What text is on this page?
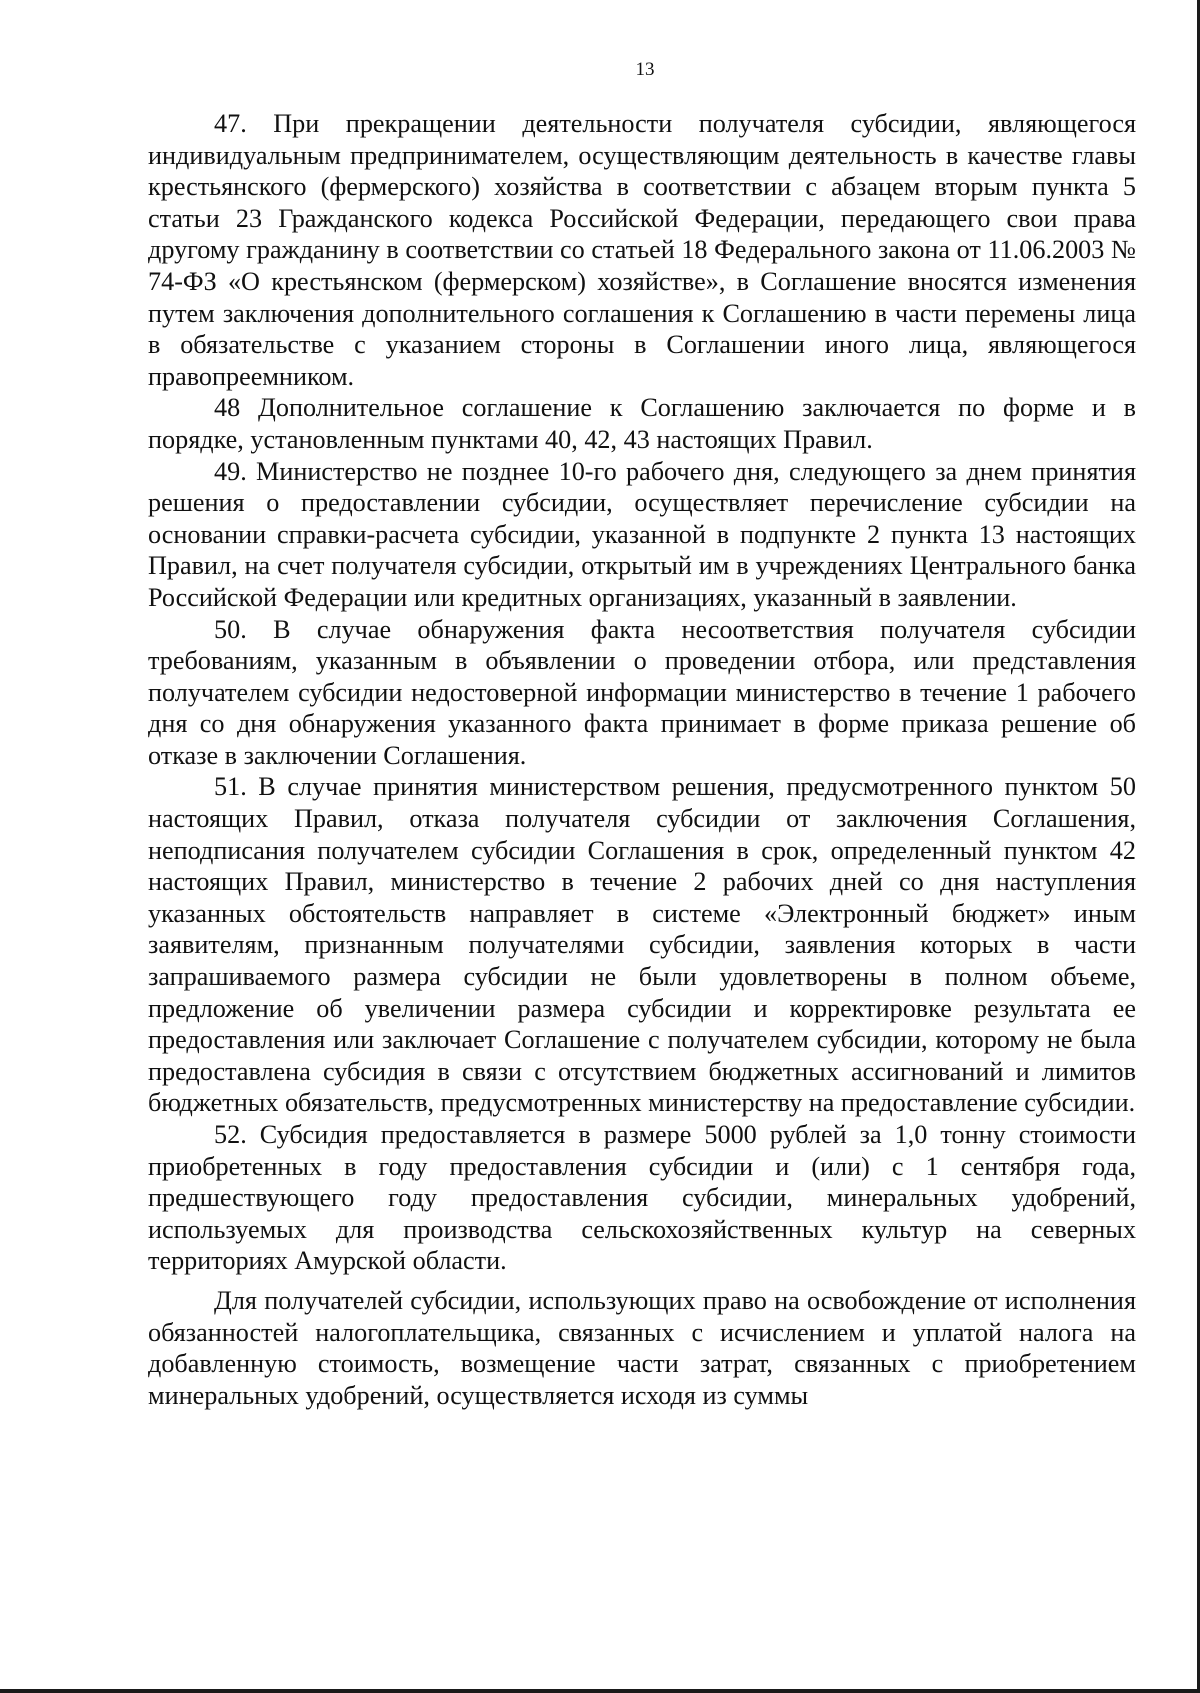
13

47. При прекращении деятельности получателя субсидии, являющегося индивидуальным предпринимателем, осуществляющим деятельность в качестве главы крестьянского (фермерского) хозяйства в соответствии с абзацем вторым пункта 5 статьи 23 Гражданского кодекса Российской Федерации, передающего свои права другому гражданину в соответствии со статьей 18 Федерального закона от 11.06.2003 № 74-ФЗ «О крестьянском (фермерском) хозяйстве», в Соглашение вносятся изменения путем заключения дополнительного соглашения к Соглашению в части перемены лица в обязательстве с указанием стороны в Соглашении иного лица, являющегося правопреемником.

48 Дополнительное соглашение к Соглашению заключается по форме и в порядке, установленным пунктами 40, 42, 43 настоящих Правил.

49. Министерство не позднее 10-го рабочего дня, следующего за днем принятия решения о предоставлении субсидии, осуществляет перечисление субсидии на основании справки-расчета субсидии, указанной в подпункте 2 пункта 13 настоящих Правил, на счет получателя субсидии, открытый им в учреждениях Центрального банка Российской Федерации или кредитных организациях, указанный в заявлении.

50. В случае обнаружения факта несоответствия получателя субсидии требованиям, указанным в объявлении о проведении отбора, или представления получателем субсидии недостоверной информации министерство в течение 1 рабочего дня со дня обнаружения указанного факта принимает в форме приказа решение об отказе в заключении Соглашения.

51. В случае принятия министерством решения, предусмотренного пунктом 50 настоящих Правил, отказа получателя субсидии от заключения Соглашения, неподписания получателем субсидии Соглашения в срок, определенный пунктом 42 настоящих Правил, министерство в течение 2 рабочих дней со дня наступления указанных обстоятельств направляет в системе «Электронный бюджет» иным заявителям, признанным получателями субсидии, заявления которых в части запрашиваемого размера субсидии не были удовлетворены в полном объеме, предложение об увеличении размера субсидии и корректировке результата ее предоставления или заключает Соглашение с получателем субсидии, которому не была предоставлена субсидия в связи с отсутствием бюджетных ассигнований и лимитов бюджетных обязательств, предусмотренных министерству на предоставление субсидии.

52. Субсидия предоставляется в размере 5000 рублей за 1,0 тонну стоимости приобретенных в году предоставления субсидии и (или) с 1 сентября года, предшествующего году предоставления субсидии, минеральных удобрений, используемых для производства сельскохозяйственных культур на северных территориях Амурской области.

Для получателей субсидии, использующих право на освобождение от исполнения обязанностей налогоплательщика, связанных с исчислением и уплатой налога на добавленную стоимость, возмещение части затрат, связанных с приобретением минеральных удобрений, осуществляется исходя из суммы
